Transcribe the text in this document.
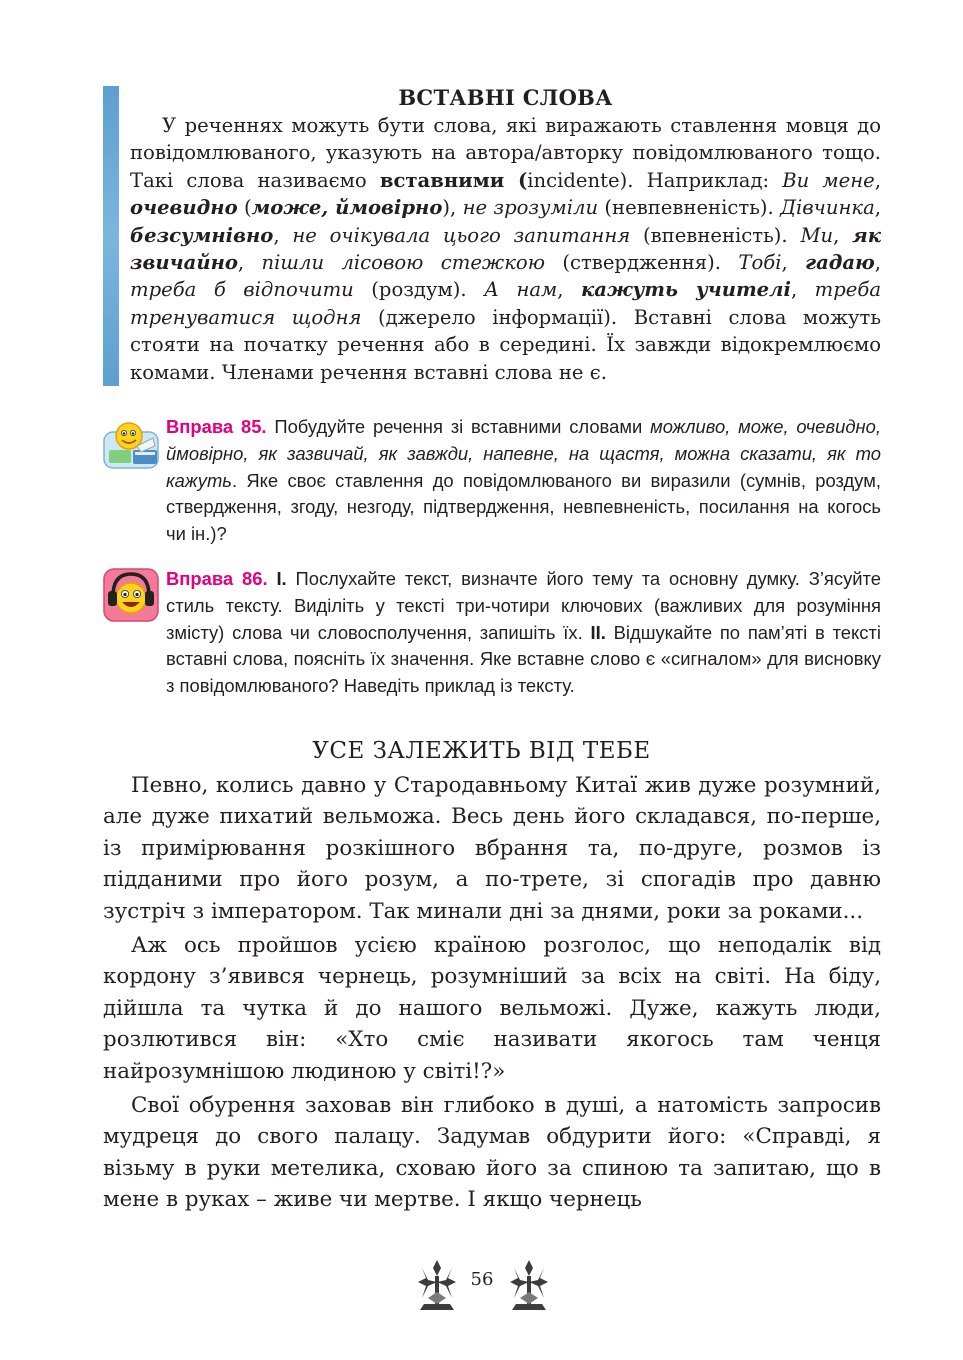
ВСТАВНІ СЛОВА

У реченнях можуть бути слова, які виражають ставлення мовця до повідомлюваного, указують на автора/авторку повідомлюваного тощо. Такі слова називаємо вставними (incidente). Наприклад: Ви мене, очевидно (може, ймовірно), не зрозуміли (невпевненість). Дівчинка, безсумнівно, не очікувала цього запитання (впевненість). Ми, як звичайно, пішли лісовою стежкою (ствердження). Тобі, гадаю, треба б відпочити (роздум). А нам, кажуть учителі, треба тренуватися щодня (джерело інформації). Вставні слова можуть стояти на початку речення або в середині. Їх завжди відокремлюємо комами. Членами речення вставні слова не є.

Вправа 85. Побудуйте речення зі вставними словами можливо, може, очевидно, ймовірно, як зазвичай, як завжди, напевне, на щастя, можна сказати, як то кажуть. Яке своє ставлення до повідомлюваного ви виразили (сумнів, роздум, ствердження, згоду, незгоду, підтвердження, невпевненість, посилання на когось чи ін.)?

Вправа 86. І. Послухайте текст, визначте його тему та основну думку. З’ясуйте стиль тексту. Виділіть у тексті три-чотири ключових (важливих для розуміння змісту) слова чи словосполучення, запишіть їх. ІІ. Відшукайте по пам’яті в тексті вставні слова, поясніть їх значення. Яке вставне слово є «сигналом» для висновку з повідомлюваного? Наведіть приклад із тексту.

УСЕ ЗАЛЕЖИТЬ ВІД ТЕБЕ

Певно, колись давно у Стародавньому Китаї жив дуже розумний, але дуже пихатий вельможа. Весь день його складався, по-перше, із примірювання розкішного вбрання та, по-друге, розмов із підданими про його розум, а по-трете, зі спогадів про давню зустріч з імператором. Так минали дні за днями, роки за роками...

Аж ось пройшов усією країною розголос, що неподалік від кордону з’явився чернець, розумніший за всіх на світі. На біду, дійшла та чутка й до нашого вельможі. Дуже, кажуть люди, розлютився він: «Хто сміє називати якогось там ченця найрозумнішою людиною у світі!?»

Свої обурення заховав він глибоко в душі, а натомість запросив мудреця до свого палацу. Задумав обдурити його: «Справді, я візьму в руки метелика, сховаю його за спиною та запитаю, що в мене в руках – живе чи мертве. І якщо чернець

56
